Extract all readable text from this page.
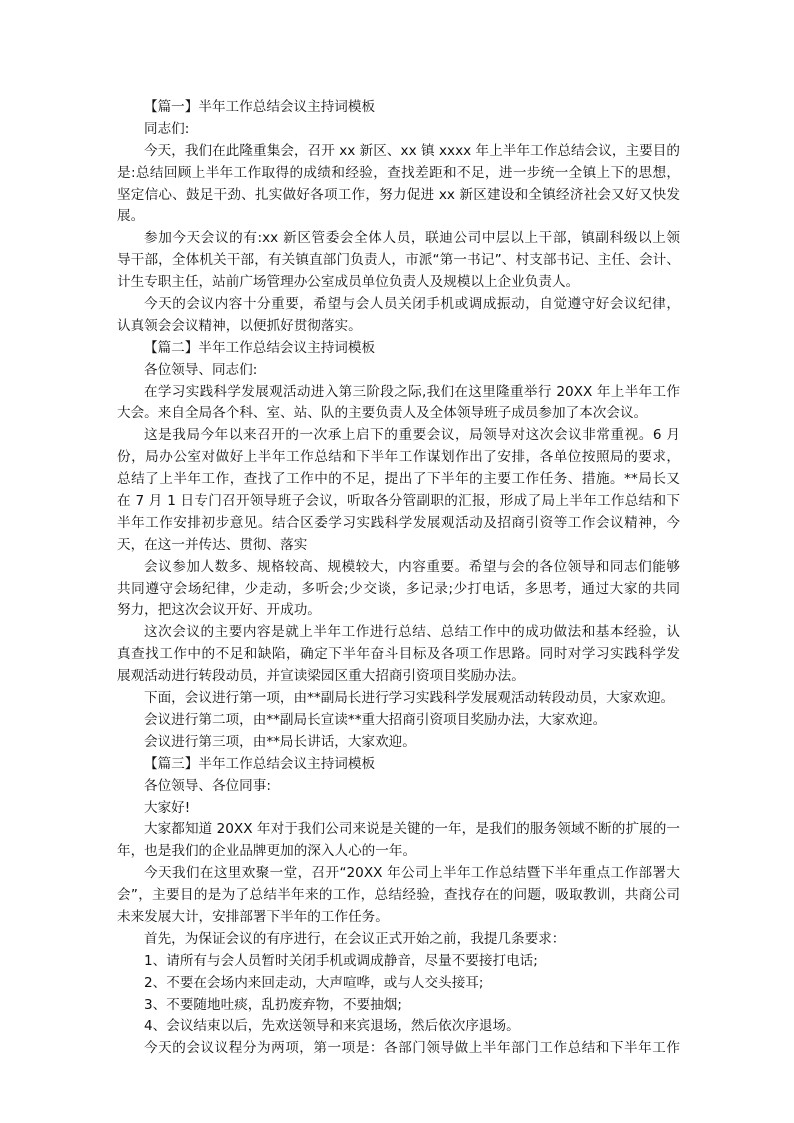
【篇一】半年工作总结会议主持词模板
同志们:
今天，我们在此隆重集会，召开 xx 新区、xx 镇 xxxx 年上半年工作总结会议，主要目的
是:总结回顾上半年工作取得的成绩和经验，查找差距和不足，进一步统一全镇上下的思想，
坚定信心、鼓足干劲、扎实做好各项工作，努力促进 xx 新区建设和全镇经济社会又好又快发
展。
参加今天会议的有:xx 新区管委会全体人员，联迪公司中层以上干部，镇副科级以上领
导干部，全体机关干部，有关镇直部门负责人，市派“第一书记”、村支部书记、主任、会计、
计生专职主任，站前广场管理办公室成员单位负责人及规模以上企业负责人。
今天的会议内容十分重要，希望与会人员关闭手机或调成振动，自觉遵守好会议纪律，
认真领会会议精神，以便抓好贯彻落实。
【篇二】半年工作总结会议主持词模板
各位领导、同志们:
在学习实践科学发展观活动进入第三阶段之际,我们在这里隆重举行 20XX 年上半年工作
大会。来自全局各个科、室、站、队的主要负责人及全体领导班子成员参加了本次会议。
这是我局今年以来召开的一次承上启下的重要会议，局领导对这次会议非常重视。6 月
份，局办公室对做好上半年工作总结和下半年工作谋划作出了安排，各单位按照局的要求，
总结了上半年工作，查找了工作中的不足，提出了下半年的主要工作任务、措施。**局长又
在 7 月 1 日专门召开领导班子会议，听取各分管副职的汇报，形成了局上半年工作总结和下
半年工作安排初步意见。结合区委学习实践科学发展观活动及招商引资等工作会议精神，今
天，在这一并传达、贯彻、落实
会议参加人数多、规格较高、规模较大，内容重要。希望与会的各位领导和同志们能够
共同遵守会场纪律，少走动，多听会;少交谈，多记录;少打电话，多思考，通过大家的共同
努力，把这次会议开好、开成功。
这次会议的主要内容是就上半年工作进行总结、总结工作中的成功做法和基本经验，认
真查找工作中的不足和缺陷，确定下半年奋斗目标及各项工作思路。同时对学习实践科学发
展观活动进行转段动员，并宣读梁园区重大招商引资项目奖励办法。
下面，会议进行第一项，由**副局长进行学习实践科学发展观活动转段动员，大家欢迎。
会议进行第二项，由**副局长宣读**重大招商引资项目奖励办法，大家欢迎。
会议进行第三项，由**局长讲话，大家欢迎。
【篇三】半年工作总结会议主持词模板
各位领导、各位同事:
大家好!
大家都知道 20XX 年对于我们公司来说是关键的一年，是我们的服务领域不断的扩展的一
年，也是我们的企业品牌更加的深入人心的一年。
今天我们在这里欢聚一堂，召开“20XX 年公司上半年工作总结暨下半年重点工作部署大
会”，主要目的是为了总结半年来的工作，总结经验，查找存在的问题，吸取教训，共商公司
未来发展大计，安排部署下半年的工作任务。
首先，为保证会议的有序进行，在会议正式开始之前，我提几条要求：
1、请所有与会人员暂时关闭手机或调成静音，尽量不要接打电话;
2、不要在会场内来回走动，大声喧哗，或与人交头接耳;
3、不要随地吐痰，乱扔废弃物，不要抽烟;
4、会议结束以后，先欢送领导和来宾退场，然后依次序退场。
今天的会议议程分为两项，第一项是：各部门领导做上半年部门工作总结和下半年工作
